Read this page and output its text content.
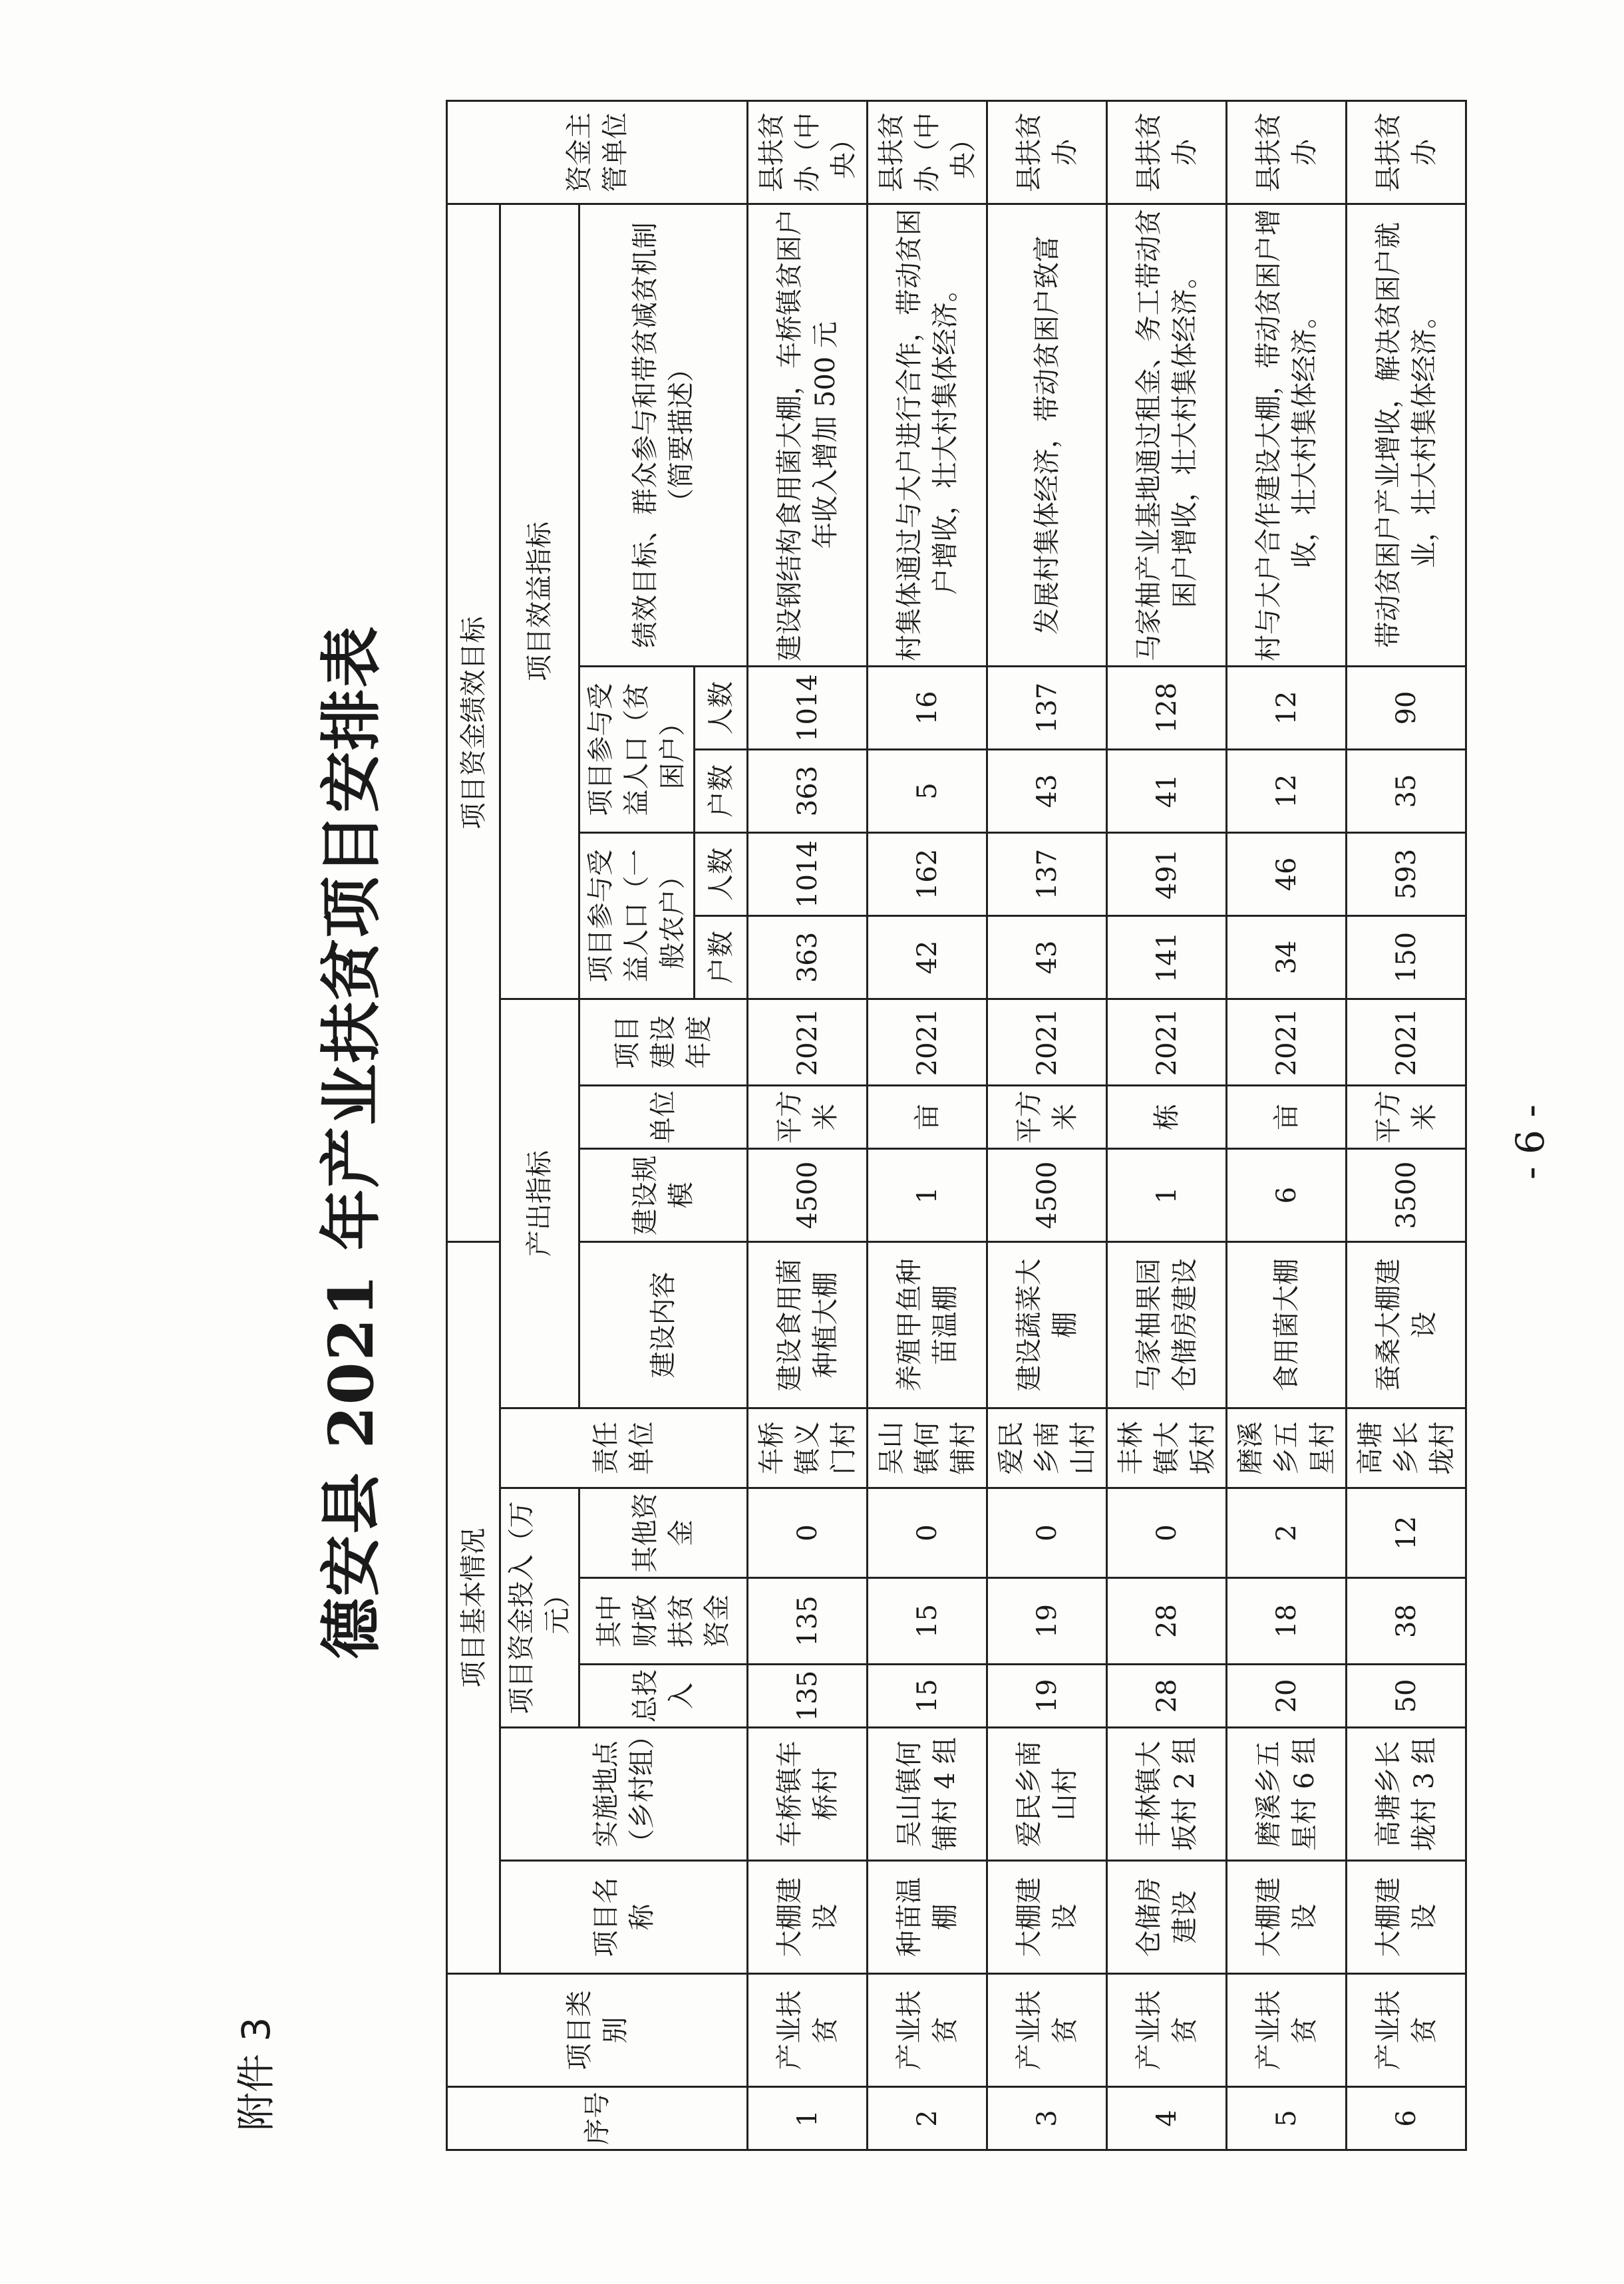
附件 3
德安县 2021 年产业扶贫项目安排表
序号	项目类别	项目基本情况							项目资金绩效目标								资金主管单位
		项目名称	实施地点（乡村组）	项目资金投入（万元）			责任单位	产出指标				项目效益指标					
				总投入	其中财政扶贫资金	其他资金		建设内容	建设规模	单位	项目建设年度	项目参与受益人口（一般农户）		项目参与受益人口（贫困户）		绩效目标、群众参与和带贫减贫机制（简要描述）	
												户数	人数	户数	人数		
1	产业扶贫	大棚建设	车桥镇车桥村	135	135	0	车桥镇义门村	建设食用菌种植大棚	4500	平方米	2021	363	1014	363	1014	建设钢结构食用菌大棚，车桥镇贫困户年收入增加 500 元	县扶贫办（中央）
2	产业扶贫	种苗温棚	吴山镇何铺村 4 组	15	15	0	吴山镇何铺村	养殖甲鱼种苗温棚	1	亩	2021	42	162	5	16	村集体通过与大户进行合作，带动贫困户增收，壮大村集体经济。	县扶贫办（中央）
3	产业扶贫	大棚建设	爱民乡南山村	19	19	0	爱民乡南山村	建设蔬菜大棚	4500	平方米	2021	43	137	43	137	发展村集体经济，带动贫困户致富	县扶贫办
4	产业扶贫	仓储房建设	丰林镇大坂村 2 组	28	28	0	丰林镇大坂村	马家柚果园仓储房建设	1	栋	2021	141	491	41	128	马家柚产业基地通过租金、务工带动贫困户增收，壮大村集体经济。	县扶贫办
5	产业扶贫	大棚建设	磨溪乡五星村 6 组	20	18	2	磨溪乡五星村	食用菌大棚	6	亩	2021	34	46	12	12	村与大户合作建设大棚，带动贫困户增收，壮大村集体经济。	县扶贫办
6	产业扶贫	大棚建设	高塘乡长垅村 3 组	50	38	12	高塘乡长垅村	蚕桑大棚建设	3500	平方米	2021	150	593	35	90	带动贫困户产业增收，解决贫困户就业，壮大村集体经济。	县扶贫办
- 6 -
